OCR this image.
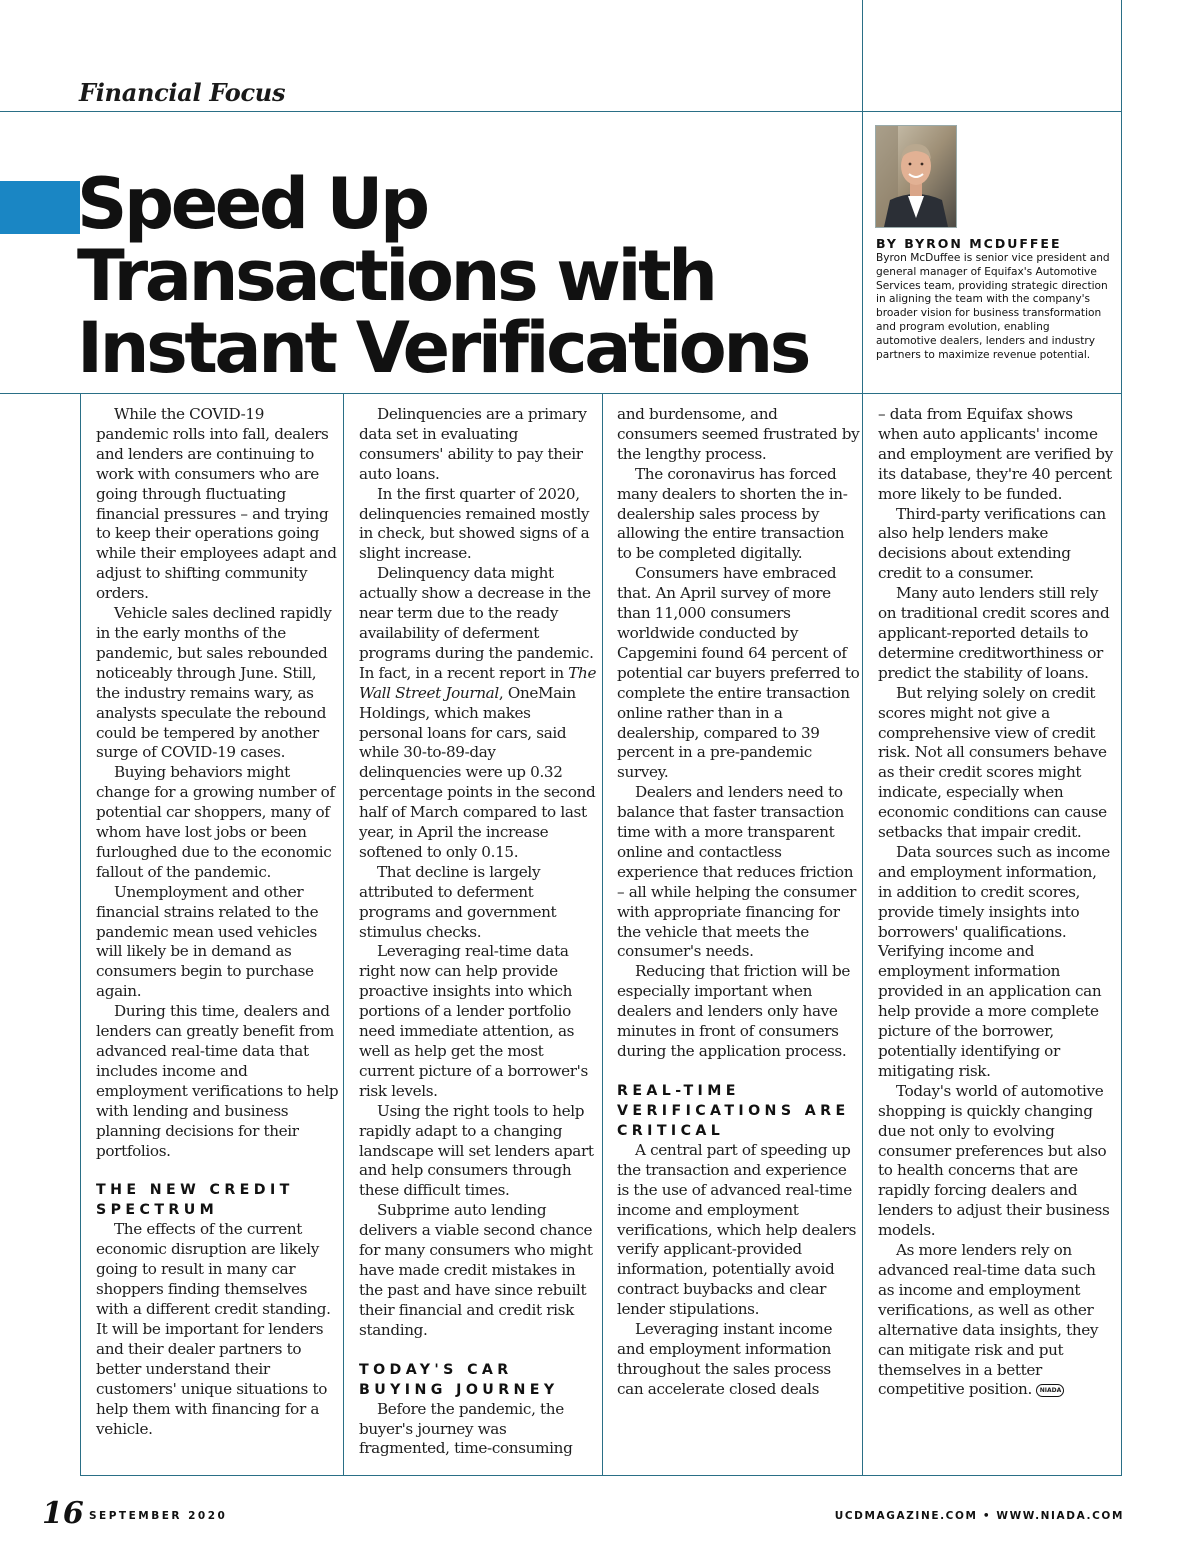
Financial Focus
Speed Up
Transactions with
Instant Verifications
BY BYRON MCDUFFEE

Byron McDuffee is senior vice president and general manager of Equifax's Automotive Services team, providing strategic direction in aligning the team with the company's broader vision for business transformation and program evolution, enabling automotive dealers, lenders and industry partners to maximize revenue potential.

While the COVID-19 pandemic rolls into fall, dealers and lenders are continuing to work with consumers who are going through fluctuating financial pressures – and trying to keep their operations going while their employees adapt and adjust to shifting community orders.

Vehicle sales declined rapidly in the early months of the pandemic, but sales rebounded noticeably through June. Still, the industry remains wary, as analysts speculate the rebound could be tempered by another surge of COVID-19 cases.

Buying behaviors might change for a growing number of potential car shoppers, many of whom have lost jobs or been furloughed due to the economic fallout of the pandemic.

Unemployment and other financial strains related to the pandemic mean used vehicles will likely be in demand as consumers begin to purchase again.

During this time, dealers and lenders can greatly benefit from advanced real-time data that includes income and employment verifications to help with lending and business planning decisions for their portfolios.

THE NEW CREDIT SPECTRUM

The effects of the current economic disruption are likely going to result in many car shoppers finding themselves with a different credit standing. It will be important for lenders and their dealer partners to better understand their customers' unique situations to help them with financing for a vehicle.

Delinquencies are a primary data set in evaluating consumers' ability to pay their auto loans.

In the first quarter of 2020, delinquencies remained mostly in check, but showed signs of a slight increase.

Delinquency data might actually show a decrease in the near term due to the ready availability of deferment programs during the pandemic. In fact, in a recent report in The Wall Street Journal, OneMain Holdings, which makes personal loans for cars, said while 30-to-89-day delinquencies were up 0.32 percentage points in the second half of March compared to last year, in April the increase softened to only 0.15.

That decline is largely attributed to deferment programs and government stimulus checks.

Leveraging real-time data right now can help provide proactive insights into which portions of a lender portfolio need immediate attention, as well as help get the most current picture of a borrower's risk levels.

Using the right tools to help rapidly adapt to a changing landscape will set lenders apart and help consumers through these difficult times.

Subprime auto lending delivers a viable second chance for many consumers who might have made credit mistakes in the past and have since rebuilt their financial and credit risk standing.

TODAY'S CAR BUYING JOURNEY

Before the pandemic, the buyer's journey was fragmented, time-consuming

and burdensome, and consumers seemed frustrated by the lengthy process.

The coronavirus has forced many dealers to shorten the in-dealership sales process by allowing the entire transaction to be completed digitally.

Consumers have embraced that. An April survey of more than 11,000 consumers worldwide conducted by Capgemini found 64 percent of potential car buyers preferred to complete the entire transaction online rather than in a dealership, compared to 39 percent in a pre-pandemic survey.

Dealers and lenders need to balance that faster transaction time with a more transparent online and contactless experience that reduces friction – all while helping the consumer with appropriate financing for the vehicle that meets the consumer's needs.

Reducing that friction will be especially important when dealers and lenders only have minutes in front of consumers during the application process.

REAL-TIME VERIFICATIONS ARE CRITICAL

A central part of speeding up the transaction and experience is the use of advanced real-time income and employment verifications, which help dealers verify applicant-provided information, potentially avoid contract buybacks and clear lender stipulations.

Leveraging instant income and employment information throughout the sales process can accelerate closed deals

– data from Equifax shows when auto applicants' income and employment are verified by its database, they're 40 percent more likely to be funded.

Third-party verifications can also help lenders make decisions about extending credit to a consumer.

Many auto lenders still rely on traditional credit scores and applicant-reported details to determine creditworthiness or predict the stability of loans.

But relying solely on credit scores might not give a comprehensive view of credit risk. Not all consumers behave as their credit scores might indicate, especially when economic conditions can cause setbacks that impair credit.

Data sources such as income and employment information, in addition to credit scores, provide timely insights into borrowers' qualifications. Verifying income and employment information provided in an application can help provide a more complete picture of the borrower, potentially identifying or mitigating risk.

Today's world of automotive shopping is quickly changing due not only to evolving consumer preferences but also to health concerns that are rapidly forcing dealers and lenders to adjust their business models.

As more lenders rely on advanced real-time data such as income and employment verifications, as well as other alternative data insights, they can mitigate risk and put themselves in a better competitive position. NIADA

16 SEPTEMBER 2020	UCDMAGAZINE.COM • WWW.NIADA.COM
